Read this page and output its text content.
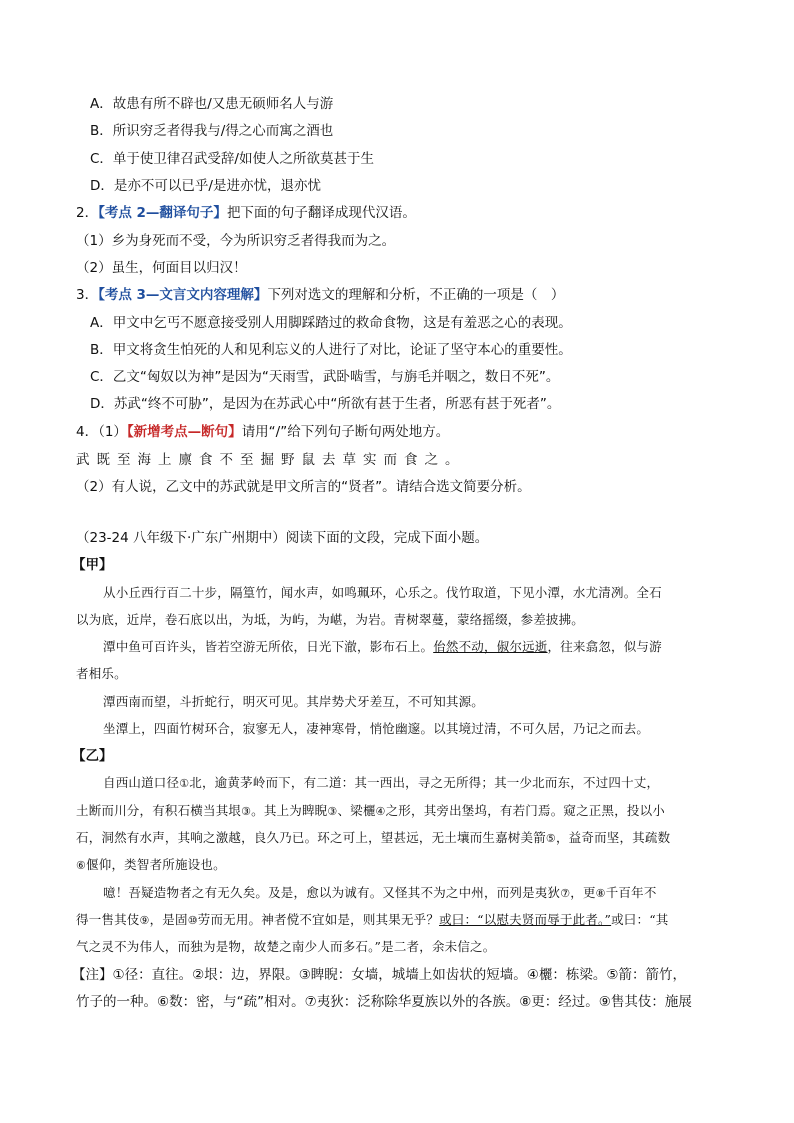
A．故患有所不辟也/又患无硕师名人与游
B．所识穷乏者得我与/得之心而寓之酒也
C．单于使卫律召武受辞/如使人之所欲莫甚于生
D．是亦不可以已乎/是进亦忧，退亦忧
2．【考点 2—翻译句子】把下面的句子翻译成现代汉语。
（1）乡为身死而不受，今为所识穷乏者得我而为之。
（2）虽生，何面目以归汉！
3．【考点 3—文言文内容理解】下列对选文的理解和分析，不正确的一项是（　）
A．甲文中乞丐不愿意接受别人用脚踩踏过的救命食物，这是有羞恶之心的表现。
B．甲文将贪生怕死的人和见利忘义的人进行了对比，论证了坚守本心的重要性。
C．乙文“匈奴以为神”是因为“天雨雪，武卧啮雪，与旃毛并咽之，数日不死”。
D．苏武“终不可胁”，是因为在苏武心中“所欲有甚于生者，所恶有甚于死者”。
4．（1）【新增考点—断句】请用“/”给下列句子断句两处地方。
武既至海上廪食不至掘野鼠去草实而食之。
（2）有人说，乙文中的苏武就是甲文所言的“贤者”。请结合选文简要分析。
（23-24 八年级下·广东广州期中）阅读下面的文段，完成下面小题。
【甲】
从小丘西行百二十步，隔篁竹，闻水声，如鸣珮环，心乐之。伐竹取道，下见小潭，水尤清冽。全石
以为底，近岸，卷石底以出，为坻，为屿，为嵁，为岩。青树翠蔓，蒙络摇缀，参差披拂。
潭中鱼可百许头，皆若空游无所依，日光下澈，影布石上。佁然不动，俶尔远逝，往来翕忽，似与游
者相乐。
潭西南而望，斗折蛇行，明灭可见。其岸势犬牙差互，不可知其源。
坐潭上，四面竹树环合，寂寥无人，凄神寒骨，悄怆幽邃。以其境过清，不可久居，乃记之而去。
【乙】
自西山道口径①北，逾黄茅岭而下，有二道：其一西出，寻之无所得；其一少北而东，不过四十丈，
土断而川分，有积石横当其垠③。其上为睥睨③、梁欐④之形，其旁出堡坞，有若门焉。窥之正黑，投以小
石，洞然有水声，其响之激越，良久乃已。环之可上，望甚远，无土壤而生嘉树美箭⑤，益奇而坚，其疏数
⑥偃仰，类智者所施设也。
噫！吾疑造物者之有无久矣。及是，愈以为诚有。又怪其不为之中州，而列是夷狄⑦，更⑧千百年不
得一售其伎⑨，是固⑩劳而无用。神者傥不宜如是，则其果无乎？或曰：“以慰夫贤而辱于此者。”或曰：“其
气之灵不为伟人，而独为是物，故楚之南少人而多石。”是二者，余未信之。
【注】①径：直往。②垠：边，界限。③睥睨：女墙，城墙上如齿状的短墙。④欐：栋梁。⑤箭：箭竹，
竹子的一种。⑥数：密，与“疏”相对。⑦夷狄：泛称除华夏族以外的各族。⑧更：经过。⑨售其伎：施展
